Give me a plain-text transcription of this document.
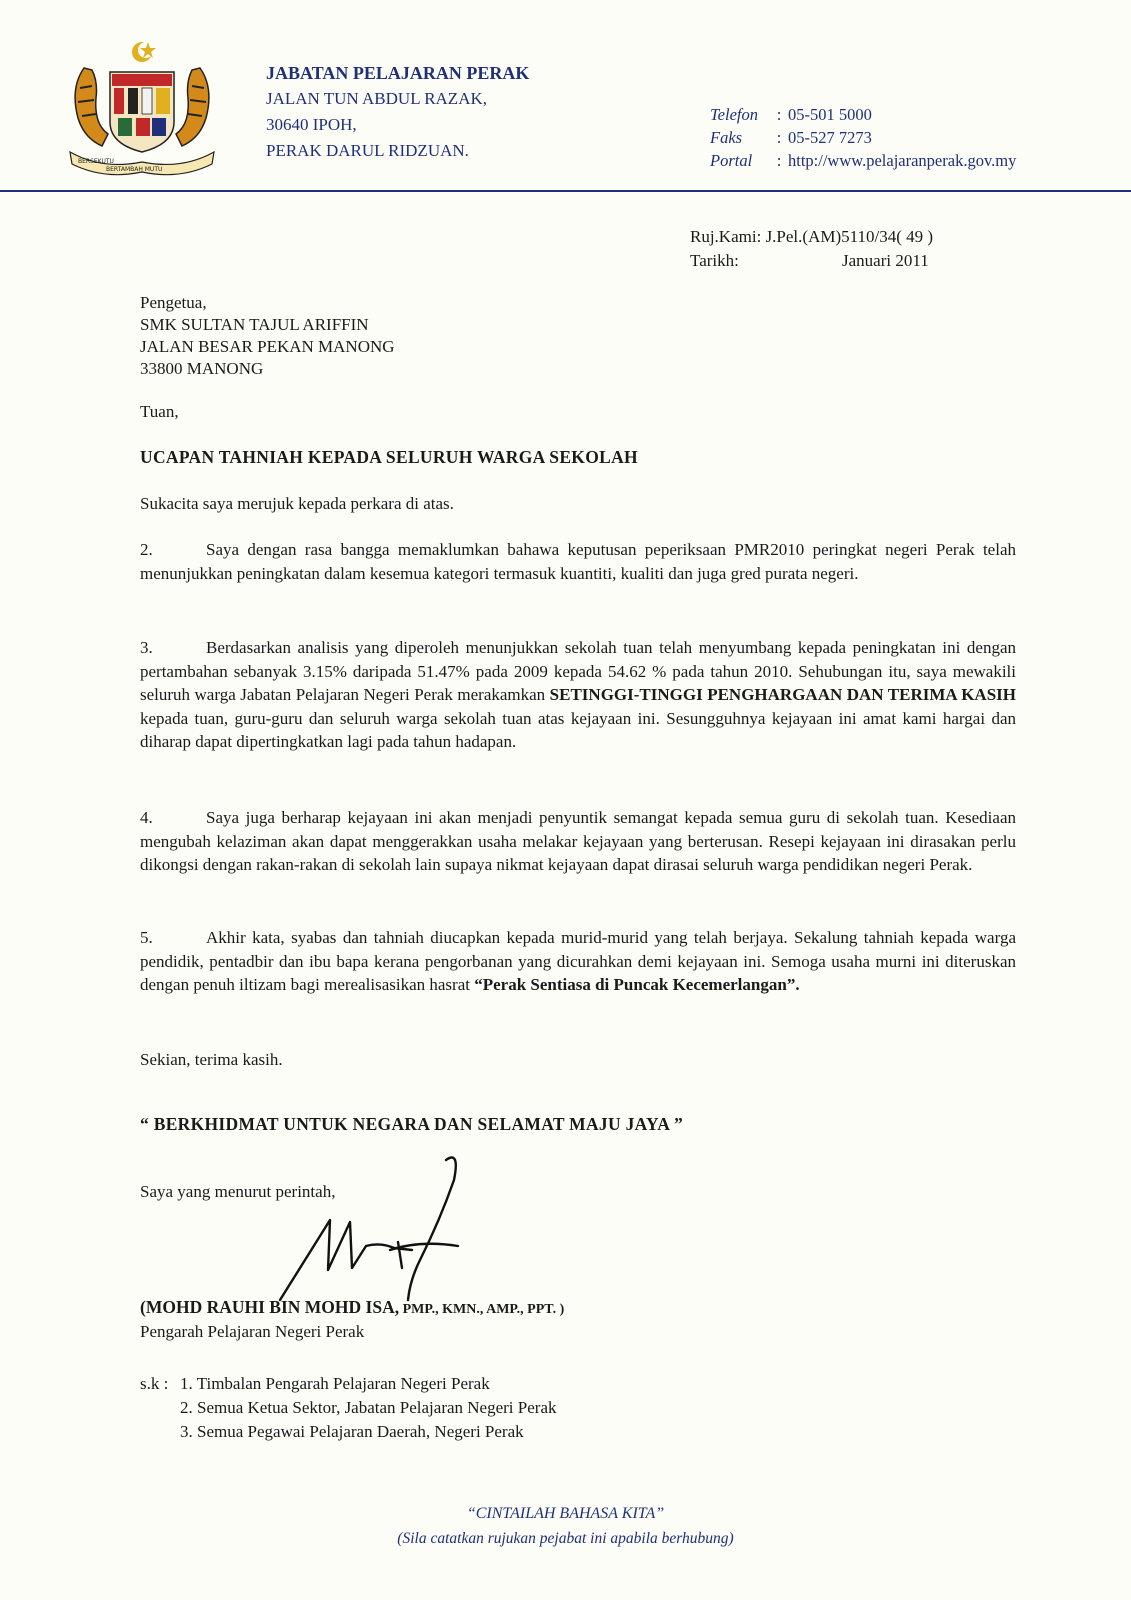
BERSEKUTU
BERTAMBAH MUTU
JABATAN PELAJARAN PERAK
JALAN TUN ABDUL RAZAK,
30640 IPOH,
PERAK DARUL RIDZUAN.
Telefon : 05-501 5000
Faks : 05-527 7273
Portal : http://www.pelajaranperak.gov.my
Ruj.Kami: J.Pel.(AM)5110/34( 49 )
Tarikh:	Januari 2011
Pengetua,
SMK SULTAN TAJUL ARIFFIN
JALAN BESAR PEKAN MANONG
33800 MANONG
Tuan,
UCAPAN TAHNIAH KEPADA SELURUH WARGA SEKOLAH
Sukacita saya merujuk kepada perkara di atas.
2.	Saya dengan rasa bangga memaklumkan bahawa keputusan peperiksaan PMR2010 peringkat negeri Perak telah menunjukkan peningkatan dalam kesemua kategori termasuk kuantiti, kualiti dan juga gred purata negeri.
3.	Berdasarkan analisis yang diperoleh menunjukkan sekolah tuan telah menyumbang kepada peningkatan ini dengan pertambahan sebanyak 3.15% daripada 51.47% pada 2009 kepada 54.62 % pada tahun 2010. Sehubungan itu, saya mewakili seluruh warga Jabatan Pelajaran Negeri Perak merakamkan SETINGGI-TINGGI PENGHARGAAN DAN TERIMA KASIH kepada tuan, guru-guru dan seluruh warga sekolah tuan atas kejayaan ini. Sesungguhnya kejayaan ini amat kami hargai dan diharap dapat dipertingkatkan lagi pada tahun hadapan.
4.	Saya juga berharap kejayaan ini akan menjadi penyuntik semangat kepada semua guru di sekolah tuan. Kesediaan mengubah kelaziman akan dapat menggerakkan usaha melakar kejayaan yang berterusan. Resepi kejayaan ini dirasakan perlu dikongsi dengan rakan-rakan di sekolah lain supaya nikmat kejayaan dapat dirasai seluruh warga pendidikan negeri Perak.
5.	Akhir kata, syabas dan tahniah diucapkan kepada murid-murid yang telah berjaya. Sekalung tahniah kepada warga pendidik, pentadbir dan ibu bapa kerana pengorbanan yang dicurahkan demi kejayaan ini. Semoga usaha murni ini diteruskan dengan penuh iltizam bagi merealisasikan hasrat “Perak Sentiasa di Puncak Kecemerlangan”.
Sekian, terima kasih.
“ BERKHIDMAT UNTUK NEGARA DAN SELAMAT MAJU JAYA ”
Saya yang menurut perintah,
(MOHD RAUHI BIN MOHD ISA, PMP., KMN., AMP., PPT. )
Pengarah Pelajaran Negeri Perak
s.k : 1. Timbalan Pengarah Pelajaran Negeri Perak
2. Semua Ketua Sektor, Jabatan Pelajaran Negeri Perak
3. Semua Pegawai Pelajaran Daerah, Negeri Perak
“CINTAILAH BAHASA KITA”
(Sila catatkan rujukan pejabat ini apabila berhubung)
